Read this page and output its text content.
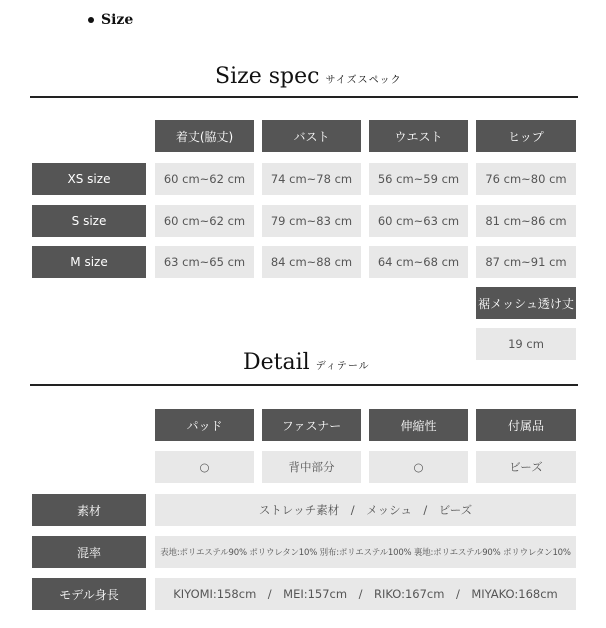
Size
Size spec サイズスペック
着丈(脇丈)	バスト	ウエスト	ヒップ
XS size	60 cm~62 cm	74 cm~78 cm	56 cm~59 cm	76 cm~80 cm
S size	60 cm~62 cm	79 cm~83 cm	60 cm~63 cm	81 cm~86 cm
M size	63 cm~65 cm	84 cm~88 cm	64 cm~68 cm	87 cm~91 cm
裾メッシュ透け丈
19 cm
Detail ディテール
パッド	ファスナー	伸縮性	付属品
○	背中部分	○	ビーズ
素材	ストレッチ素材　/　メッシュ　/　ビーズ
混率	表地:ポリエステル90% ポリウレタン10% 別布:ポリエステル100% 裏地:ポリエステル90% ポリウレタン10%
モデル身長	KIYOMI:158cm　/　MEI:157cm　/　RIKO:167cm　/　MIYAKO:168cm
